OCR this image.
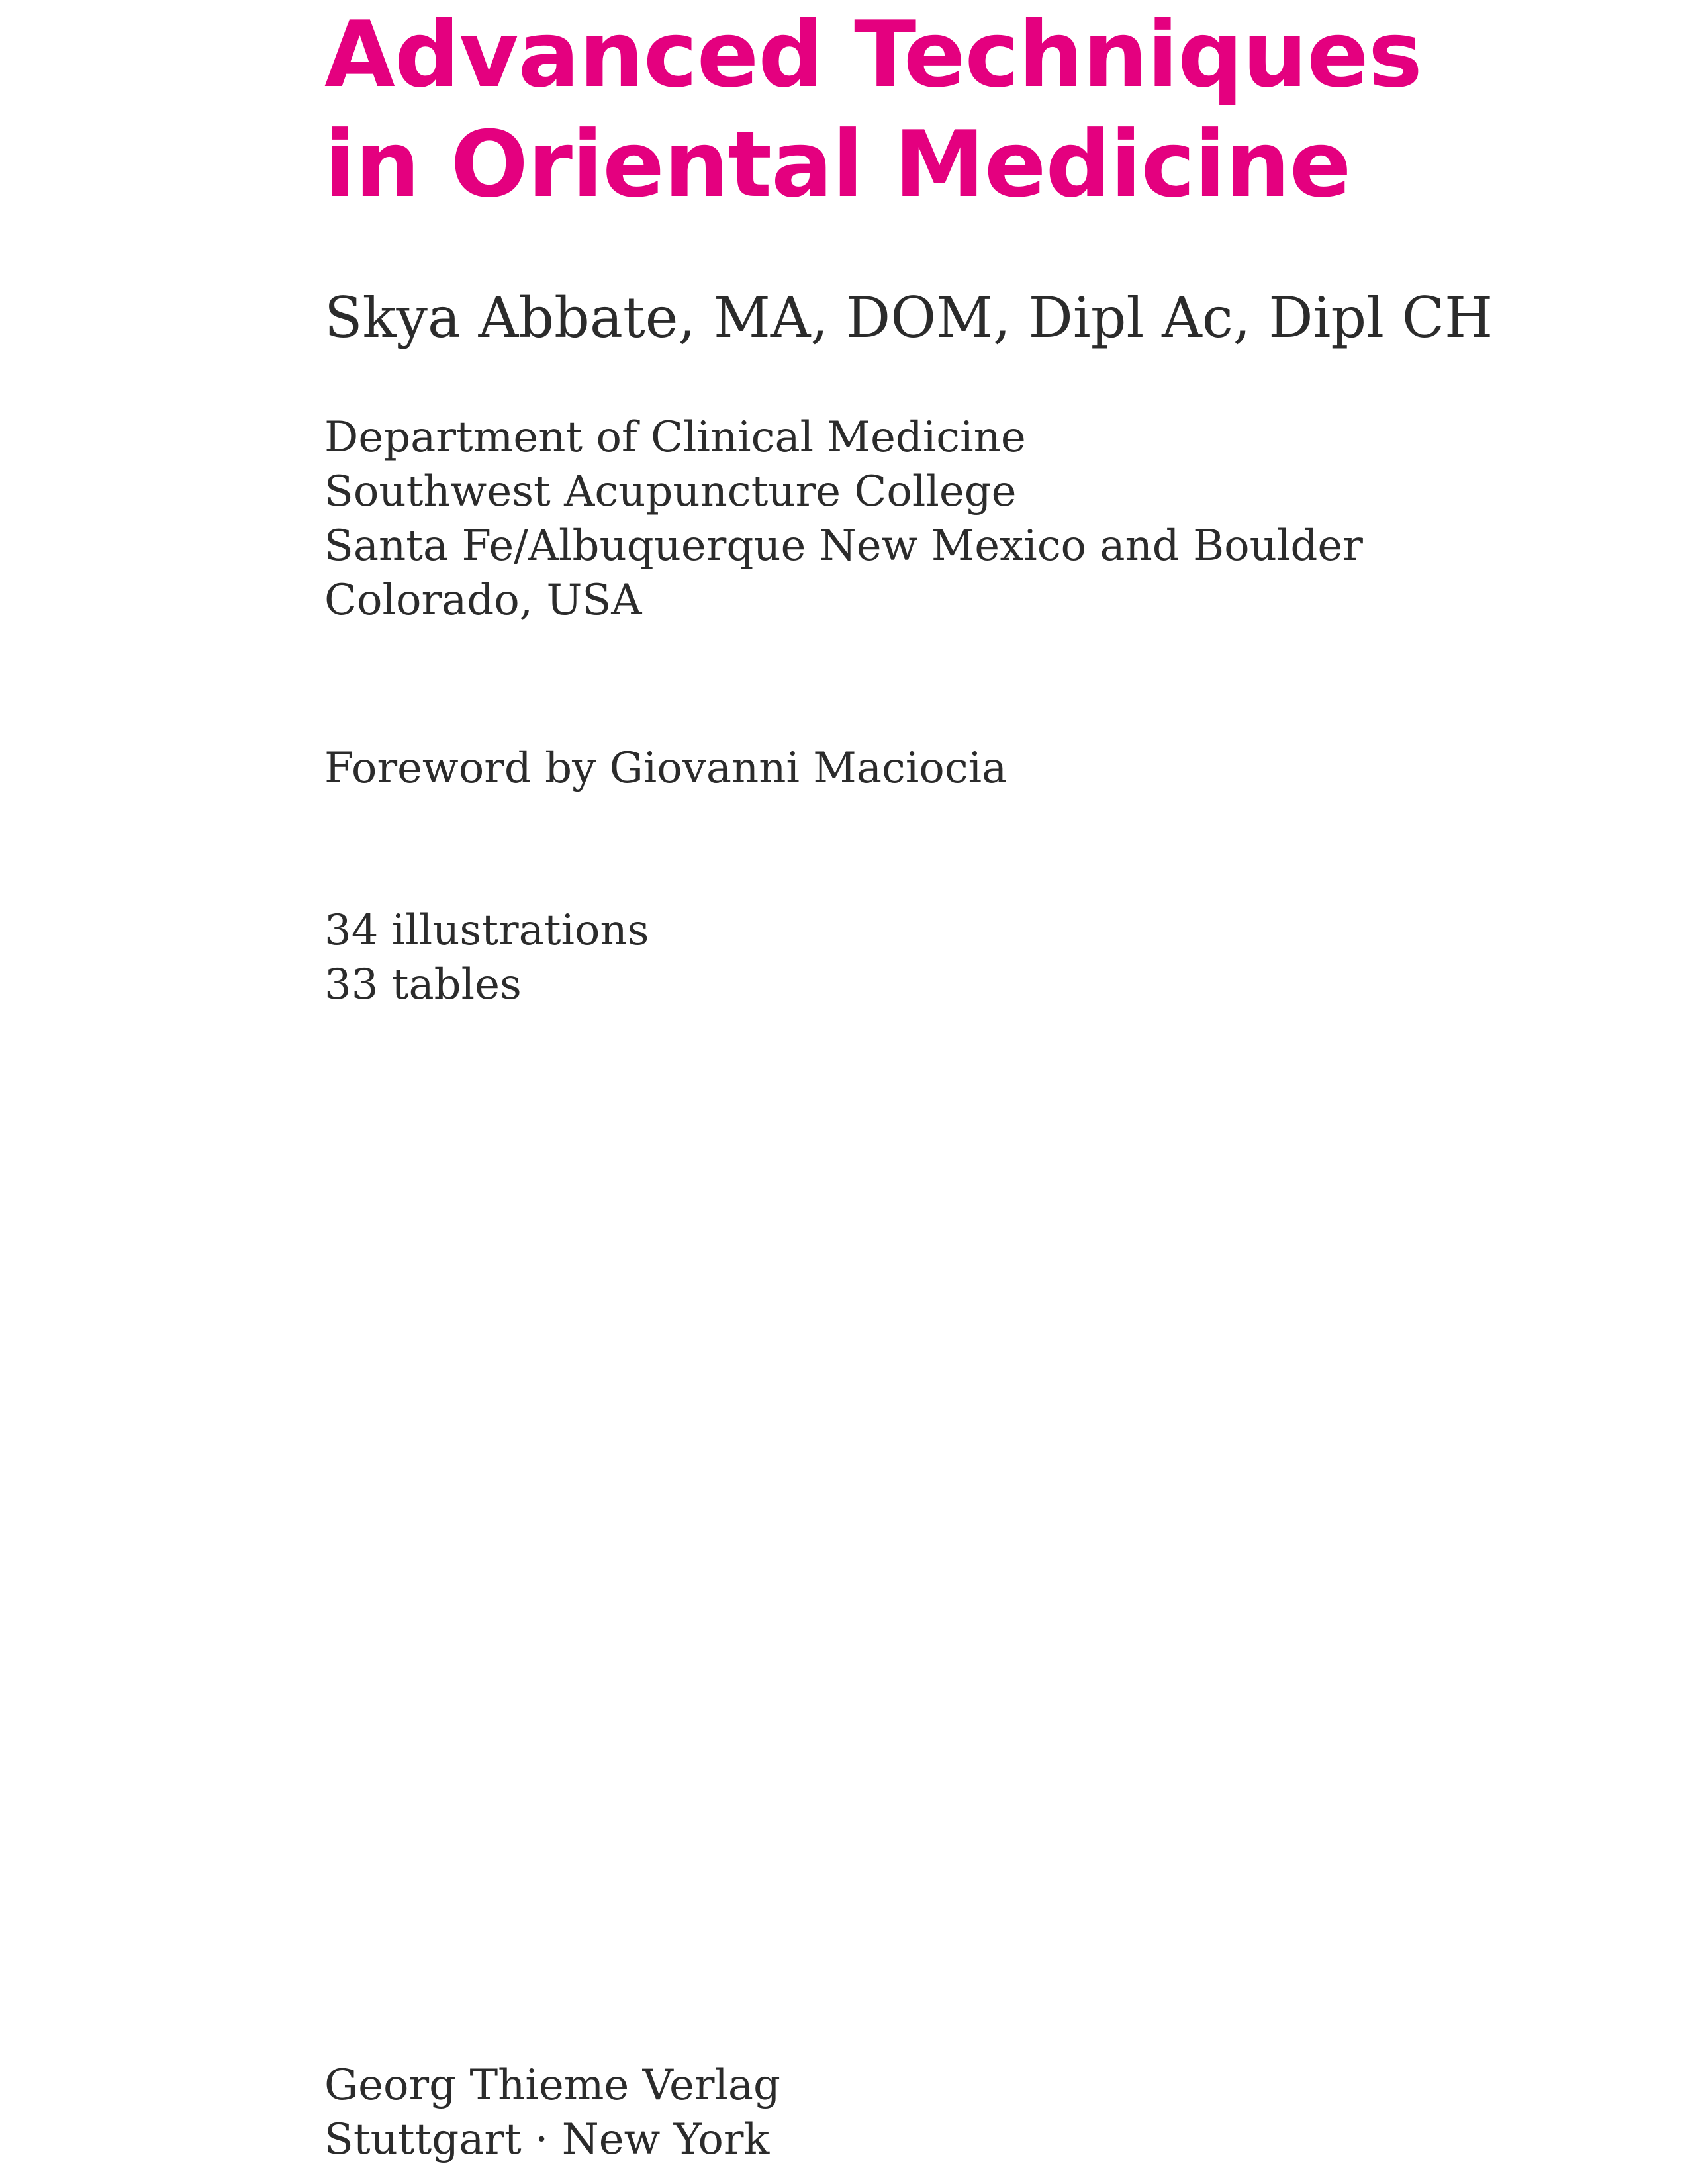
Advanced Techniques
in Oriental Medicine

Skya Abbate, MA, DOM, Dipl Ac, Dipl CH

Department of Clinical Medicine
Southwest Acupuncture College
Santa Fe/Albuquerque New Mexico and Boulder
Colorado, USA

Foreword by Giovanni Maciocia

34 illustrations
33 tables

Georg Thieme Verlag
Stuttgart · New York
